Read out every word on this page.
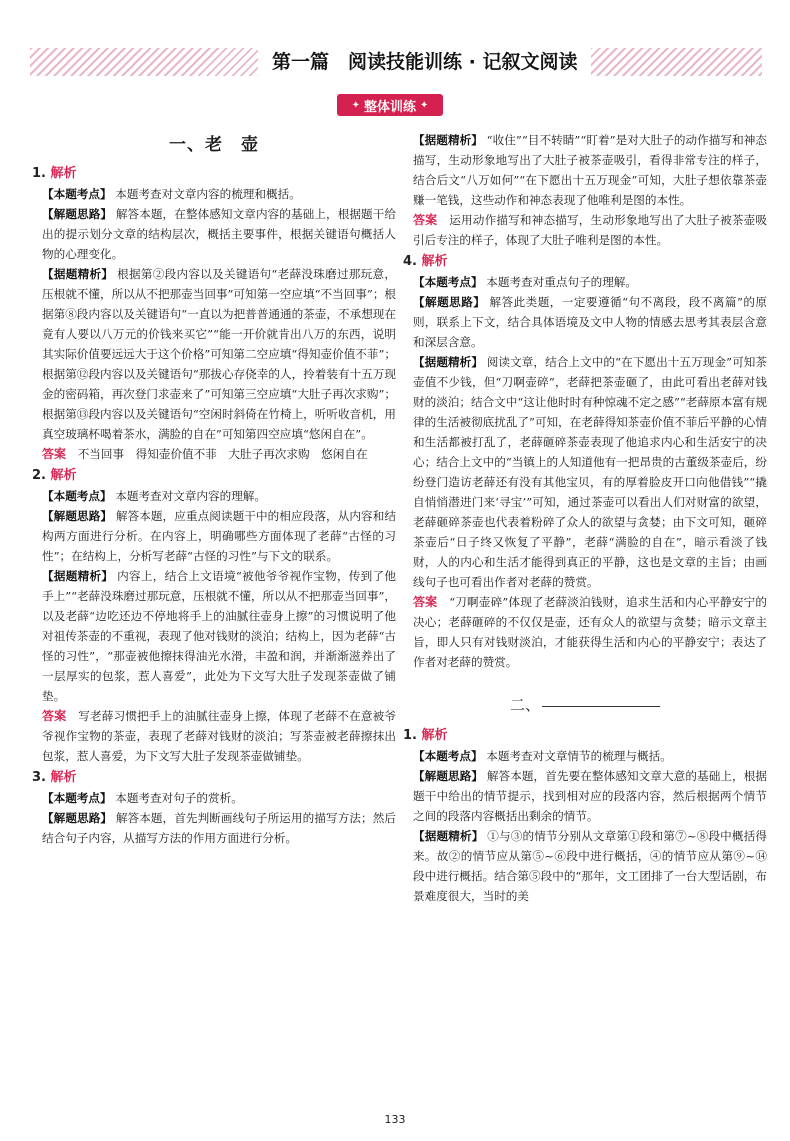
第一篇　阅读技能训练 · 记叙文阅读
✦ 整体训练 ✦
一、老　壶
1. 解析

【本题考点】 本题考查对文章内容的梳理和概括。

【解题思路】 解答本题，在整体感知文章内容的基础上，根据题干给出的提示划分文章的结构层次，概括主要事件，根据关键语句概括人物的心理变化。

【据题精析】 根据第②段内容以及关键语句“老薛没珠磨过那玩意，压根就不懂，所以从不把那壶当回事”可知第一空应填“不当回事”；根据第⑧段内容以及关键语句“一直以为把普普通通的茶壶，不承想现在竟有人要以八万元的价钱来买它”“能一开价就肯出八万的东西，说明其实际价值要远远大于这个价格”可知第二空应填“得知壶价值不菲”；根据第⑫段内容以及关键语句“那拔心存侥幸的人，拎着装有十五万现金的密码箱，再次登门求壶来了”可知第三空应填“大肚子再次求购”；根据第⑬段内容以及关键语句“空闲时斜倚在竹椅上，听听收音机，用真空玻璃杯喝着茶水，满脸的自在”可知第四空应填“悠闲自在”。

答案 不当回事　得知壶价值不菲　大肚子再次求购　悠闲自在

2. 解析

【本题考点】 本题考查对文章内容的理解。

【解题思路】 解答本题，应重点阅读题干中的相应段落，从内容和结构两方面进行分析。在内容上，明确哪些方面体现了老薛“古怪的习性”；在结构上，分析写老薛“古怪的习性”与下文的联系。

【据题精析】 内容上，结合上文语境“被他爷爷视作宝物，传到了他手上”“老薛没珠磨过那玩意，压根就不懂，所以从不把那壶当回事”，以及老薛“边吃还边不停地将手上的油腻往壶身上擦”的习惯说明了他对祖传茶壶的不重视，表现了他对钱财的淡泊；结构上，因为老薛“古怪的习性”，“那壶被他擦抹得油光水滑，丰盈和润，并渐渐滋养出了一层厚实的包浆，惹人喜爱”，此处为下文写大肚子发现茶壶做了铺垫。

答案 写老薛习惯把手上的油腻往壶身上擦，体现了老薛不在意被爷爷视作宝物的茶壶，表现了老薛对钱财的淡泊；写茶壶被老薛擦抹出包浆，惹人喜爱，为下文写大肚子发现茶壶做铺垫。

3. 解析

【本题考点】 本题考查对句子的赏析。

【解题思路】 解答本题，首先判断画线句子所运用的描写方法；然后结合句子内容，从描写方法的作用方面进行分析。

【据题精析】 “收住”“目不转睛”“盯着”是对大肚子的动作描写和神态描写，生动形象地写出了大肚子被茶壶吸引，看得非常专注的样子，结合后文“八万如何”“在下愿出十五万现金”可知，大肚子想依靠茶壶赚一笔钱，这些动作和神态表现了他唯利是图的本性。

答案 运用动作描写和神态描写，生动形象地写出了大肚子被茶壶吸引后专注的样子，体现了大肚子唯利是图的本性。

4. 解析

【本题考点】 本题考查对重点句子的理解。

【解题思路】 解答此类题，一定要遵循“句不离段，段不离篇”的原则，联系上下文，结合具体语境及文中人物的情感去思考其表层含意和深层含意。

【据题精析】 阅读文章，结合上文中的“在下愿出十五万现金”可知茶壶值不少钱，但“刀啊壶碎”，老薛把茶壶砸了，由此可看出老薛对钱财的淡泊；结合文中“这让他时时有种惊魂不定之感”“老薛原本富有规律的生活被彻底扰乱了”可知，在老薛得知茶壶价值不菲后平静的心情和生活都被打乱了，老薛砸碎茶壶表现了他追求内心和生活安宁的决心；结合上文中的“当镇上的人知道他有一把昂贵的古董级茶壶后，纷纷登门造访老薛还有没有其他宝贝，有的厚着脸皮开口向他借钱”“撬自悄悄潜进门来‘寻宝’”可知，通过茶壶可以看出人们对财富的欲望，老薛砸碎茶壶也代表着粉碎了众人的欲望与贪婪；由下文可知，砸碎茶壶后“日子终又恢复了平静”，老薛“满脸的自在”，暗示看淡了钱财，人的内心和生活才能得到真正的平静，这也是文章的主旨；由画线句子也可看出作者对老薛的赞赏。

答案 “刀啊壶碎”体现了老薛淡泊钱财，追求生活和内心平静安宁的决心；老薛砸碎的不仅仅是壶，还有众人的欲望与贪婪；暗示文章主旨，即人只有对钱财淡泊，才能获得生活和内心的平静安宁；表达了作者对老薛的赞赏。

二、
1. 解析

【本题考点】 本题考查对文章情节的梳理与概括。

【解题思路】 解答本题，首先要在整体感知文章大意的基础上，根据题干中给出的情节提示，找到相对应的段落内容，然后根据两个情节之间的段落内容概括出剩余的情节。

【据题精析】 ①与③的情节分别从文章第①段和第⑦~⑧段中概括得来。故②的情节应从第⑤~⑥段中进行概括，④的情节应从第⑨~⑭段中进行概括。结合第⑤段中的“那年，文工团排了一台大型话剧，布景难度很大，当时的美

133
